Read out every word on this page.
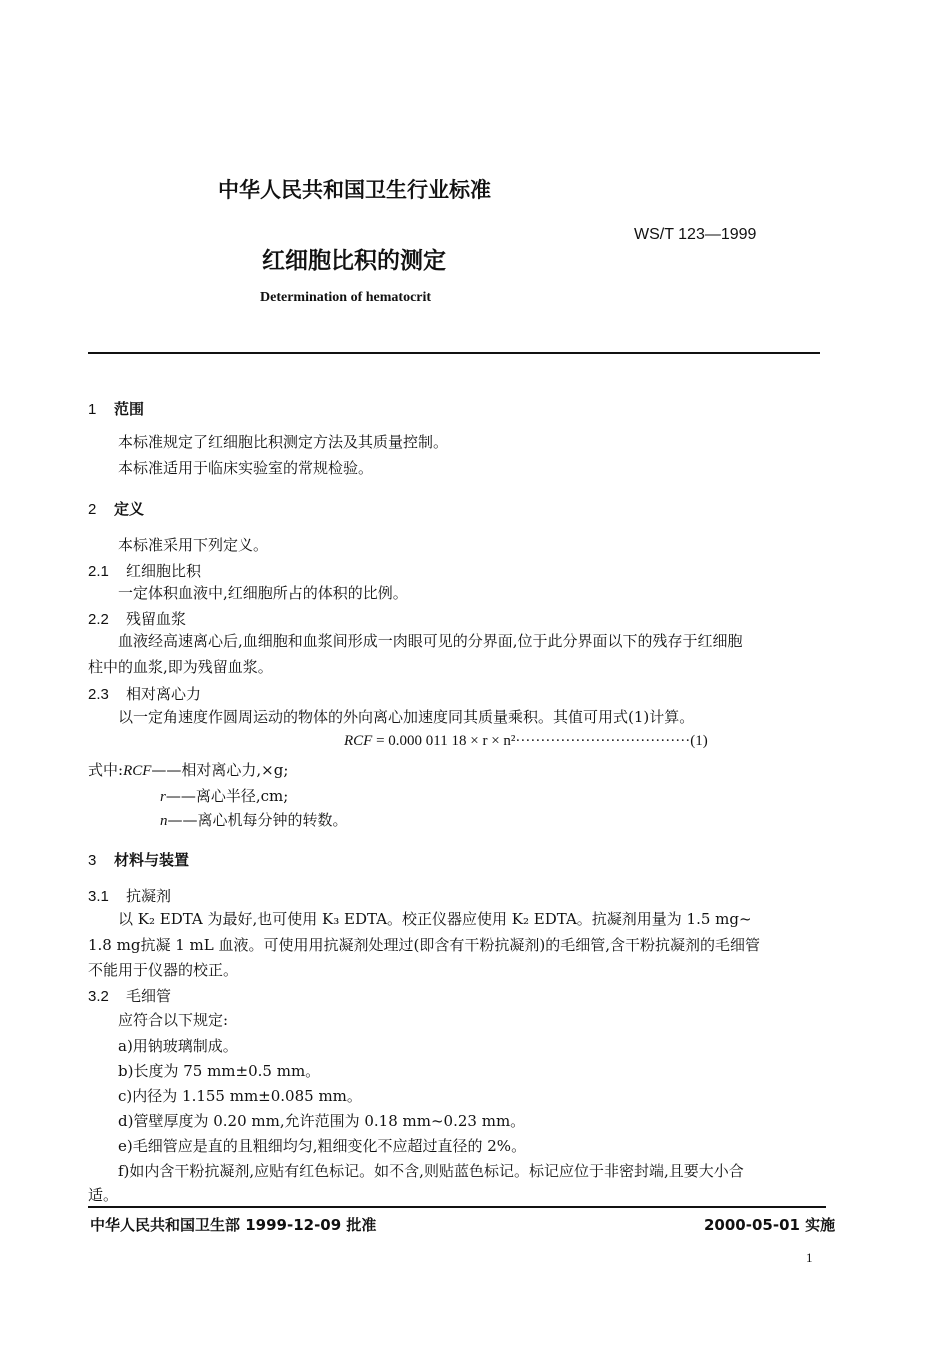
中华人民共和国卫生行业标准
WS/T 123—1999
红细胞比积的测定
Determination of hematocrit
1 范围
本标准规定了红细胞比积测定方法及其质量控制。
本标准适用于临床实验室的常规检验。
2 定义
本标准采用下列定义。
2.1 红细胞比积
一定体积血液中,红细胞所占的体积的比例。
2.2 残留血浆
血液经高速离心后,血细胞和血浆间形成一肉眼可见的分界面,位于此分界面以下的残存于红细胞
柱中的血浆,即为残留血浆。
2.3 相对离心力
以一定角速度作圆周运动的物体的外向离心加速度同其质量乘积。其值可用式(1)计算。
RCF = 0.000 011 18 × r × n²···································(1)
式中:RCF——相对离心力,×g;
r——离心半径,cm;
n——离心机每分钟的转数。
3 材料与装置
3.1 抗凝剂
以 K₂ EDTA 为最好,也可使用 K₃ EDTA。校正仪器应使用 K₂ EDTA。抗凝剂用量为 1.5 mg~
1.8 mg抗凝 1 mL 血液。可使用用抗凝剂处理过(即含有干粉抗凝剂)的毛细管,含干粉抗凝剂的毛细管
不能用于仪器的校正。
3.2 毛细管
应符合以下规定:
a)用钠玻璃制成。
b)长度为 75 mm±0.5 mm。
c)内径为 1.155 mm±0.085 mm。
d)管壁厚度为 0.20 mm,允许范围为 0.18 mm~0.23 mm。
e)毛细管应是直的且粗细均匀,粗细变化不应超过直径的 2%。
f)如内含干粉抗凝剂,应贴有红色标记。如不含,则贴蓝色标记。标记应位于非密封端,且要大小合
适。
中华人民共和国卫生部 1999-12-09 批准	2000-05-01 实施
1
